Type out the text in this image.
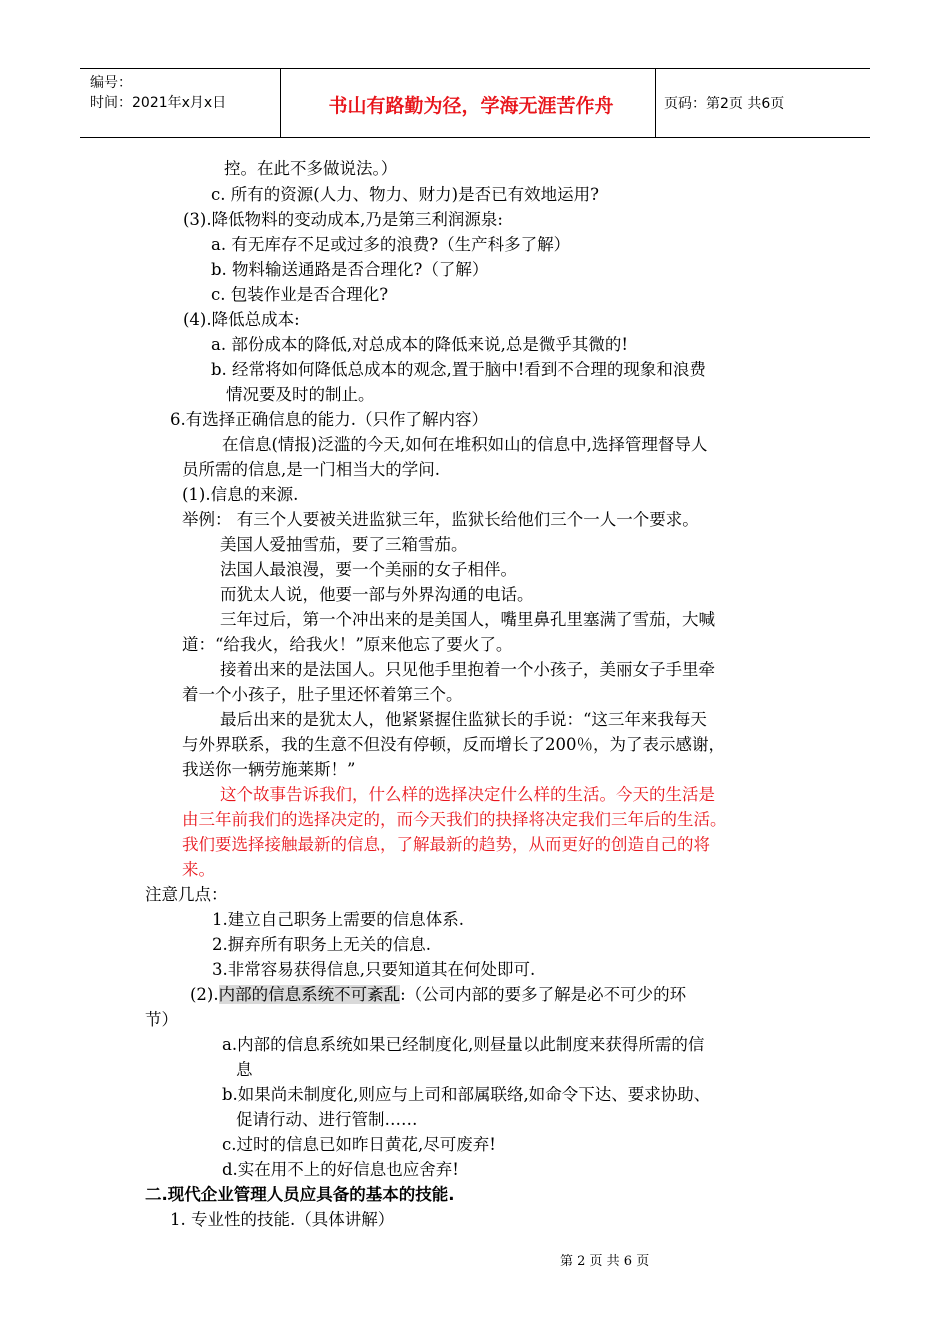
编号：
时间：2021年x月x日	书山有路勤为径，学海无涯苦作舟	页码：第2页 共6页
控。在此不多做说法。）
c. 所有的资源(人力、物力、财力)是否已有效地运用?
(3).降低物料的变动成本,乃是第三利润源泉:
a. 有无库存不足或过多的浪费?（生产科多了解）
b. 物料输送通路是否合理化?（了解）
c. 包装作业是否合理化?
(4).降低总成本:
a. 部份成本的降低,对总成本的降低来说,总是微乎其微的!
b. 经常将如何降低总成本的观念,置于脑中!看到不合理的现象和浪费
情况要及时的制止。
6.有选择正确信息的能力.（只作了解内容）
在信息(情报)泛滥的今天,如何在堆积如山的信息中,选择管理督导人
员所需的信息,是一门相当大的学问.
(1).信息的来源.
举例： 有三个人要被关进监狱三年，监狱长给他们三个一人一个要求。
美国人爱抽雪茄，要了三箱雪茄。
法国人最浪漫，要一个美丽的女子相伴。
而犹太人说，他要一部与外界沟通的电话。
三年过后，第一个冲出来的是美国人，嘴里鼻孔里塞满了雪茄，大喊
道：“给我火，给我火！”原来他忘了要火了。
接着出来的是法国人。只见他手里抱着一个小孩子，美丽女子手里牵
着一个小孩子，肚子里还怀着第三个。
最后出来的是犹太人，他紧紧握住监狱长的手说：“这三年来我每天
与外界联系，我的生意不但没有停顿，反而增长了200％，为了表示感谢，
我送你一辆劳施莱斯！”
这个故事告诉我们，什么样的选择决定什么样的生活。今天的生活是
由三年前我们的选择决定的，而今天我们的抉择将决定我们三年后的生活。
我们要选择接触最新的信息，了解最新的趋势，从而更好的创造自己的将
来。
注意几点：
1.建立自己职务上需要的信息体系.
2.摒弃所有职务上无关的信息.
3.非常容易获得信息,只要知道其在何处即可.
(2).内部的信息系统不可紊乱:（公司内部的要多了解是必不可少的环
节）
a.内部的信息系统如果已经制度化,则昼量以此制度来获得所需的信
息
b.如果尚未制度化,则应与上司和部属联络,如命令下达、要求协助、
促请行动、进行管制……
c.过时的信息已如昨日黄花,尽可废弃!
d.实在用不上的好信息也应舍弃!
二.现代企业管理人员应具备的基本的技能.
1. 专业性的技能.（具体讲解）
第 2 页 共 6 页
